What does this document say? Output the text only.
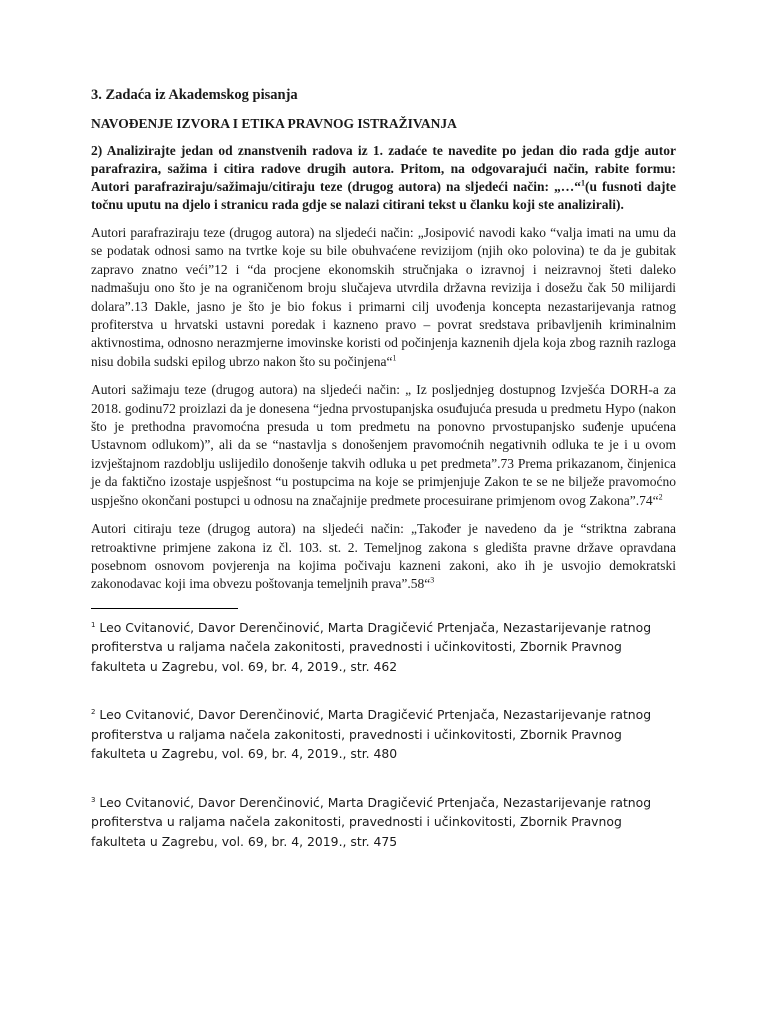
3. Zadaća iz Akademskog pisanja
NAVOĐENJE IZVORA I ETIKA PRAVNOG ISTRAŽIVANJA

2) Analizirajte jedan od znanstvenih radova iz 1. zadaće te navedite po jedan dio rada gdje autor parafrazira, sažima i citira radove drugih autora. Pritom, na odgovarajući način, rabite formu: Autori parafraziraju/sažimaju/citiraju teze (drugog autora) na sljedeći način: „…“$^1$(u fusnoti dajte točnu uputu na djelo i stranicu rada gdje se nalazi citirani tekst u članku koji ste analizirali).

Autori parafraziraju teze (drugog autora) na sljedeći način: „Josipović navodi kako “valja imati na umu da se podatak odnosi samo na tvrtke koje su bile obuhvaćene revizijom (njih oko polovina) te da je gubitak zapravo znatno veći”12 i “da procjene ekonomskih stručnjaka o izravnoj i neizravnoj šteti daleko nadmašuju ono što je na ograničenom broju slučajeva utvrdila državna revizija i dosežu čak 50 milijardi dolara”.13 Dakle, jasno je što je bio fokus i primarni cilj uvođenja koncepta nezastarijevanja ratnog profiterstva u hrvatski ustavni poredak i kazneno pravo – povrat sredstava pribavljenih kriminalnim aktivnostima, odnosno nerazmjerne imovinske koristi od počinjenja kaznenih djela koja zbog raznih razloga nisu dobila sudski epilog ubrzo nakon što su počinjena“$^1$

Autori sažimaju teze (drugog autora) na sljedeći način: „ Iz posljednjeg dostupnog Izvješća DORH-a za 2018. godinu72 proizlazi da je donesena “jedna prvostupanjska osuđujuća presuda u predmetu Hypo (nakon što je prethodna pravomoćna presuda u tom predmetu na ponovno prvostupanjsko suđenje upućena Ustavnom odlukom)”, ali da se “nastavlja s donošenjem pravomoćnih negativnih odluka te je i u ovom izvještajnom razdoblju uslijedilo donošenje takvih odluka u pet predmeta”.73 Prema prikazanom, činjenica je da faktično izostaje uspješnost “u postupcima na koje se primjenjuje Zakon te se ne bilježe pravomoćno uspješno okončani postupci u odnosu na značajnije predmete procesuirane primjenom ovog Zakona”.74“$^2$

Autori citiraju teze (drugog autora) na sljedeći način: „Također je navedeno da je “striktna zabrana retroaktivne primjene zakona iz čl. 103. st. 2. Temeljnog zakona s gledišta pravne države opravdana posebnom osnovom povjerenja na kojima počivaju kazneni zakoni, ako ih je usvojio demokratski zakonodavac koji ima obvezu poštovanja temeljnih prava”.58“$^3$

$^1$ Leo Cvitanović, Davor Derenčinović, Marta Dragičević Prtenjača, Nezastarijevanje ratnog profiterstva u raljama načela zakonitosti, pravednosti i učinkovitosti, Zbornik Pravnog fakulteta u Zagrebu, vol. 69, br. 4, 2019., str. 462
$^2$ Leo Cvitanović, Davor Derenčinović, Marta Dragičević Prtenjača, Nezastarijevanje ratnog profiterstva u raljama načela zakonitosti, pravednosti i učinkovitosti, Zbornik Pravnog fakulteta u Zagrebu, vol. 69, br. 4, 2019., str. 480
$^3$ Leo Cvitanović, Davor Derenčinović, Marta Dragičević Prtenjača, Nezastarijevanje ratnog profiterstva u raljama načela zakonitosti, pravednosti i učinkovitosti, Zbornik Pravnog fakulteta u Zagrebu, vol. 69, br. 4, 2019., str. 475
